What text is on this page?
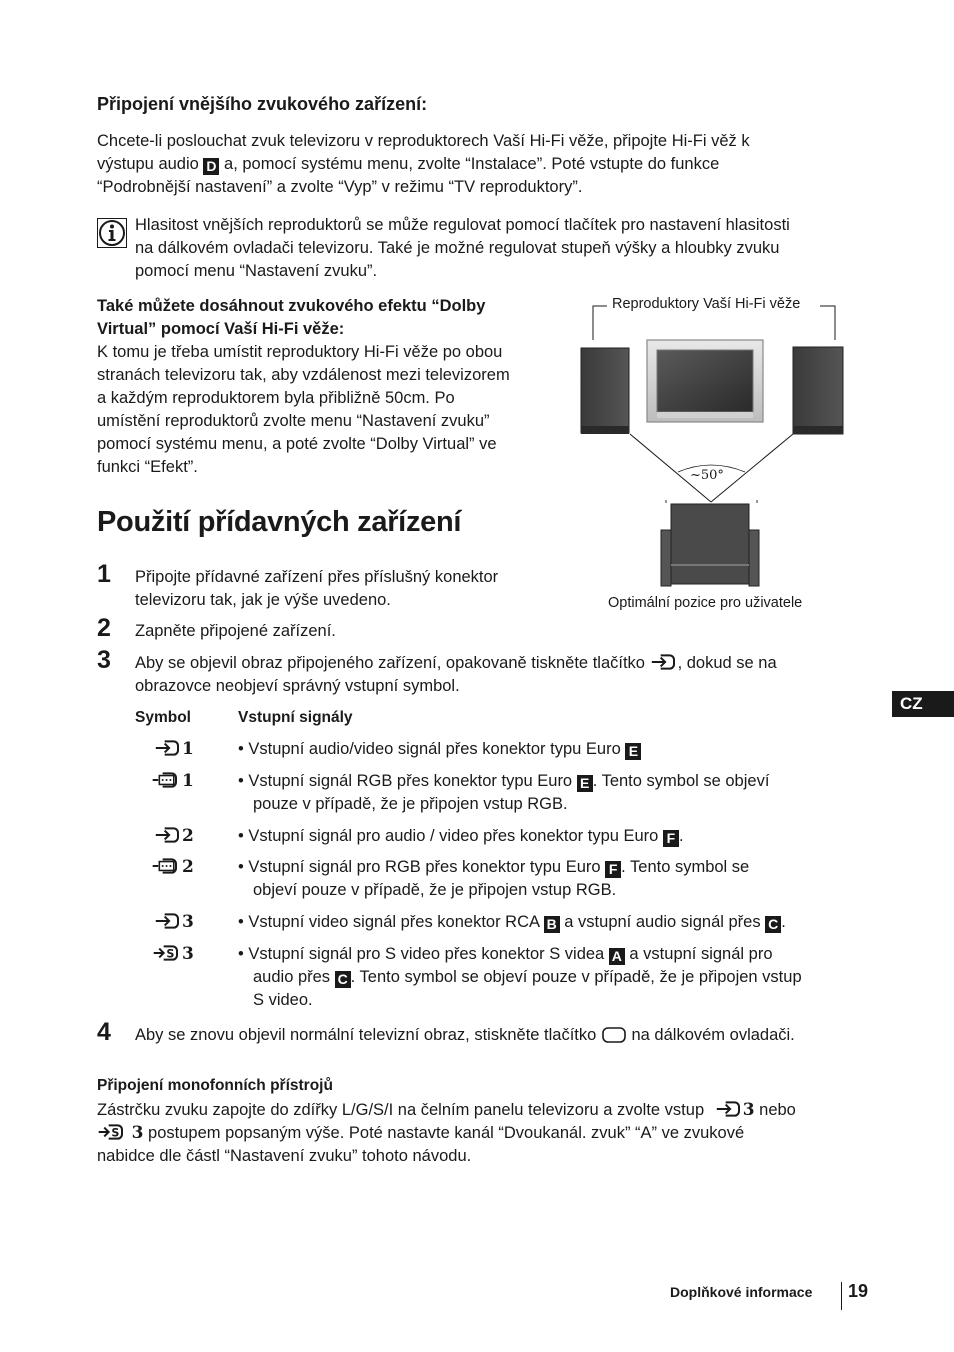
Připojení vnějšího zvukového zařízení:
Chcete-li poslouchat zvuk televizoru v reproduktorech Vaší Hi-Fi věže, připojte Hi-Fi věž k
výstupu audio D a, pomocí systému menu, zvolte “Instalace”. Poté vstupte do funkce
“Podrobnější nastavení” a zvolte “Vyp” v režimu “TV reproduktory”.
Hlasitost vnějších reproduktorů se může regulovat pomocí tlačítek pro nastavení hlasitosti
na dálkovém ovladači televizoru. Také je možné regulovat stupeň výšky a hloubky zvuku
pomocí menu “Nastavení zvuku”.
Také můžete dosáhnout zvukového efektu “Dolby
Virtual” pomocí Vaší Hi-Fi věže:
K tomu je třeba umístit reproduktory Hi-Fi věže po obou
stranách televizoru tak, aby vzdálenost mezi televizorem
a každým reproduktorem byla přibližně 50cm. Po
umístění reproduktorů zvolte menu “Nastavení zvuku”
pomocí systému menu, a poté zvolte “Dolby Virtual” ve
funkci “Efekt”.
Reproduktory Vaší Hi-Fi věže
~50°
Optimální pozice pro uživatele
Použití přídavných zařízení
1 Připojte přídavné zařízení přes příslušný konektor
televizoru tak, jak je výše uvedeno.
2 Zapněte připojené zařízení.
3 Aby se objevil obraz připojeného zařízení, opakovaně tiskněte tlačítko , dokud se na
obrazovce neobjeví správný vstupní symbol.
Symbol	Vstupní signály
1	• Vstupní audio/video signál přes konektor typu Euro E
1	• Vstupní signál RGB přes konektor typu Euro E . Tento symbol se objeví
pouze v případě, že je připojen vstup RGB.
2	• Vstupní signál pro audio / video přes konektor typu Euro F .
2	• Vstupní signál pro RGB přes konektor typu Euro F . Tento symbol se
objeví pouze v případě, že je připojen vstup RGB.
3	• Vstupní video signál přes konektor RCA B a vstupní audio signál přes C .
3	• Vstupní signál pro S video přes konektor S videa A a vstupní signál pro
audio přes C . Tento symbol se objeví pouze v případě, že je připojen vstup
S video.
4 Aby se znovu objevil normální televizní obraz, stiskněte tlačítko na dálkovém ovladači.
Připojení monofonních přístrojů
Zástrčku zvuku zapojte do zdířky L/G/S/I na čelním panelu televizoru a zvolte vstup 3 nebo
3 postupem popsaným výše. Poté nastavte kanál “Dvoukanál. zvuk” “A” ve zvukové
nabidce dle částl “Nastavení zvuku” tohoto návodu.
CZ
Doplňkové informace 19
